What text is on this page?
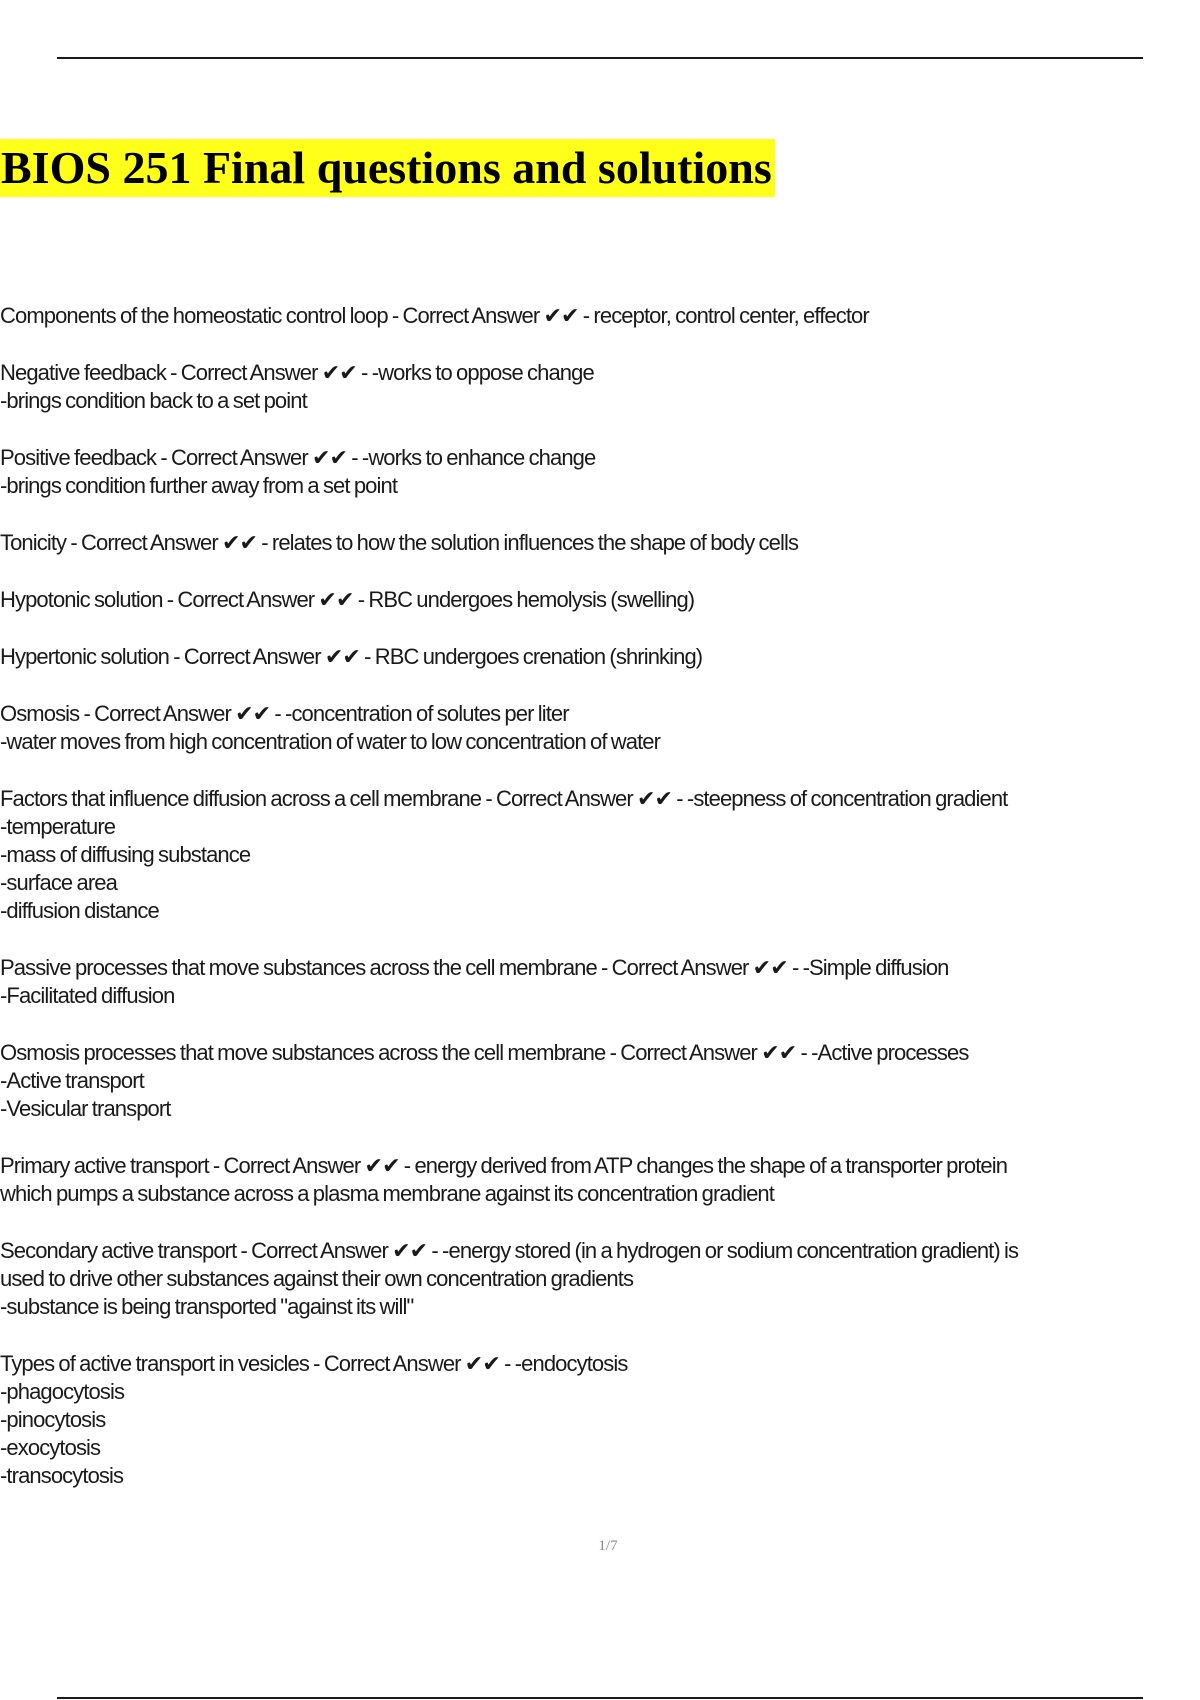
BIOS 251 Final questions and solutions
Components of the homeostatic control loop - Correct Answer ✔✔ - receptor, control center, effector
Negative feedback - Correct Answer ✔✔ - -works to oppose change
-brings condition back to a set point
Positive feedback - Correct Answer ✔✔ - -works to enhance change
-brings condition further away from a set point
Tonicity - Correct Answer ✔✔ - relates to how the solution influences the shape of body cells
Hypotonic solution - Correct Answer ✔✔ - RBC undergoes hemolysis (swelling)
Hypertonic solution - Correct Answer ✔✔ - RBC undergoes crenation (shrinking)
Osmosis - Correct Answer ✔✔ - -concentration of solutes per liter
-water moves from high concentration of water to low concentration of water
Factors that influence diffusion across a cell membrane - Correct Answer ✔✔ - -steepness of concentration gradient
-temperature
-mass of diffusing substance
-surface area
-diffusion distance
Passive processes that move substances across the cell membrane - Correct Answer ✔✔ - -Simple diffusion
-Facilitated diffusion
Osmosis processes that move substances across the cell membrane - Correct Answer ✔✔ - -Active processes
-Active transport
-Vesicular transport
Primary active transport - Correct Answer ✔✔ - energy derived from ATP changes the shape of a transporter protein
which pumps a substance across a plasma membrane against its concentration gradient
Secondary active transport - Correct Answer ✔✔ - -energy stored (in a hydrogen or sodium concentration gradient) is
used to drive other substances against their own concentration gradients
-substance is being transported "against its will"
Types of active transport in vesicles - Correct Answer ✔✔ - -endocytosis
-phagocytosis
-pinocytosis
-exocytosis
-transocytosis
1/7
